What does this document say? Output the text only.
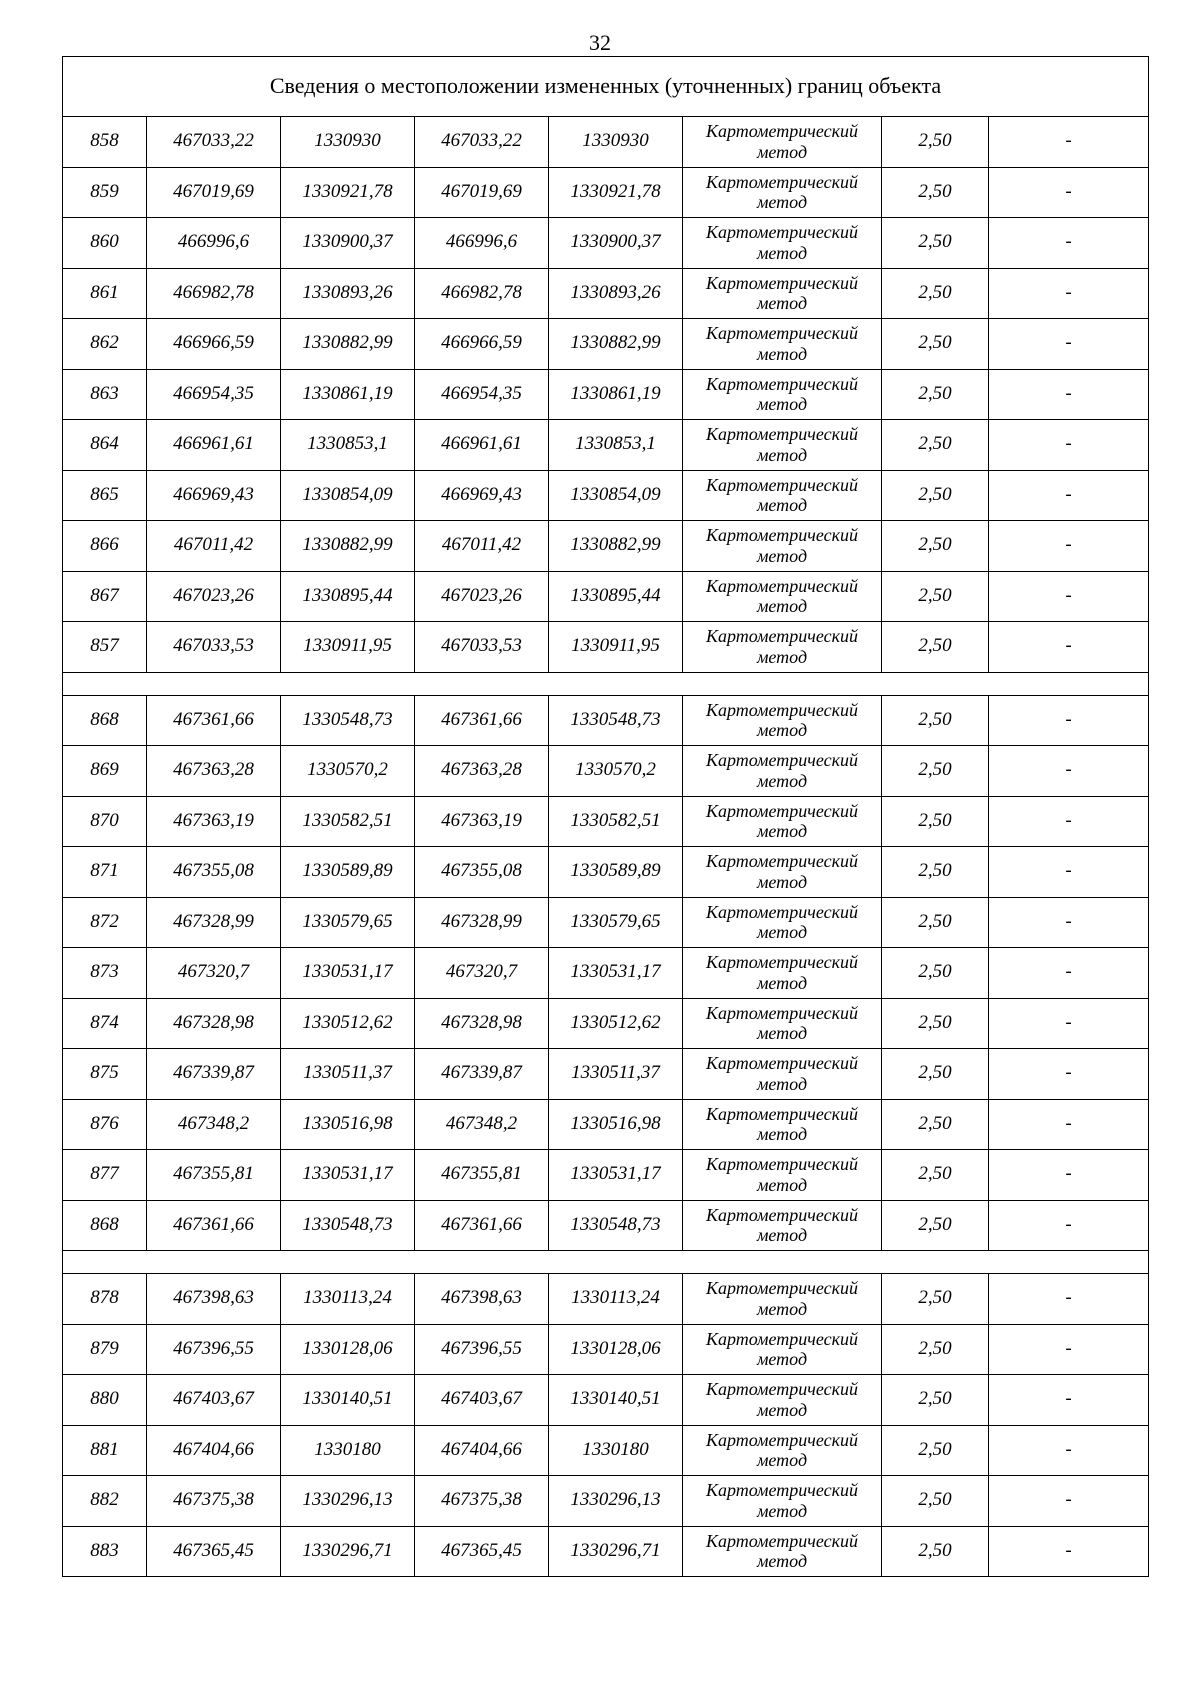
32
Сведения о местоположении измененных (уточненных) границ объекта							
858	467033,22	1330930	467033,22	1330930	Картометрический метод	2,50	-
859	467019,69	1330921,78	467019,69	1330921,78	Картометрический метод	2,50	-
860	466996,6	1330900,37	466996,6	1330900,37	Картометрический метод	2,50	-
861	466982,78	1330893,26	466982,78	1330893,26	Картометрический метод	2,50	-
862	466966,59	1330882,99	466966,59	1330882,99	Картометрический метод	2,50	-
863	466954,35	1330861,19	466954,35	1330861,19	Картометрический метод	2,50	-
864	466961,61	1330853,1	466961,61	1330853,1	Картометрический метод	2,50	-
865	466969,43	1330854,09	466969,43	1330854,09	Картометрический метод	2,50	-
866	467011,42	1330882,99	467011,42	1330882,99	Картометрический метод	2,50	-
867	467023,26	1330895,44	467023,26	1330895,44	Картометрический метод	2,50	-
857	467033,53	1330911,95	467033,53	1330911,95	Картометрический метод	2,50	-

868	467361,66	1330548,73	467361,66	1330548,73	Картометрический метод	2,50	-
869	467363,28	1330570,2	467363,28	1330570,2	Картометрический метод	2,50	-
870	467363,19	1330582,51	467363,19	1330582,51	Картометрический метод	2,50	-
871	467355,08	1330589,89	467355,08	1330589,89	Картометрический метод	2,50	-
872	467328,99	1330579,65	467328,99	1330579,65	Картометрический метод	2,50	-
873	467320,7	1330531,17	467320,7	1330531,17	Картометрический метод	2,50	-
874	467328,98	1330512,62	467328,98	1330512,62	Картометрический метод	2,50	-
875	467339,87	1330511,37	467339,87	1330511,37	Картометрический метод	2,50	-
876	467348,2	1330516,98	467348,2	1330516,98	Картометрический метод	2,50	-
877	467355,81	1330531,17	467355,81	1330531,17	Картометрический метод	2,50	-
868	467361,66	1330548,73	467361,66	1330548,73	Картометрический метод	2,50	-

878	467398,63	1330113,24	467398,63	1330113,24	Картометрический метод	2,50	-
879	467396,55	1330128,06	467396,55	1330128,06	Картометрический метод	2,50	-
880	467403,67	1330140,51	467403,67	1330140,51	Картометрический метод	2,50	-
881	467404,66	1330180	467404,66	1330180	Картометрический метод	2,50	-
882	467375,38	1330296,13	467375,38	1330296,13	Картометрический метод	2,50	-
883	467365,45	1330296,71	467365,45	1330296,71	Картометрический метод	2,50	-
